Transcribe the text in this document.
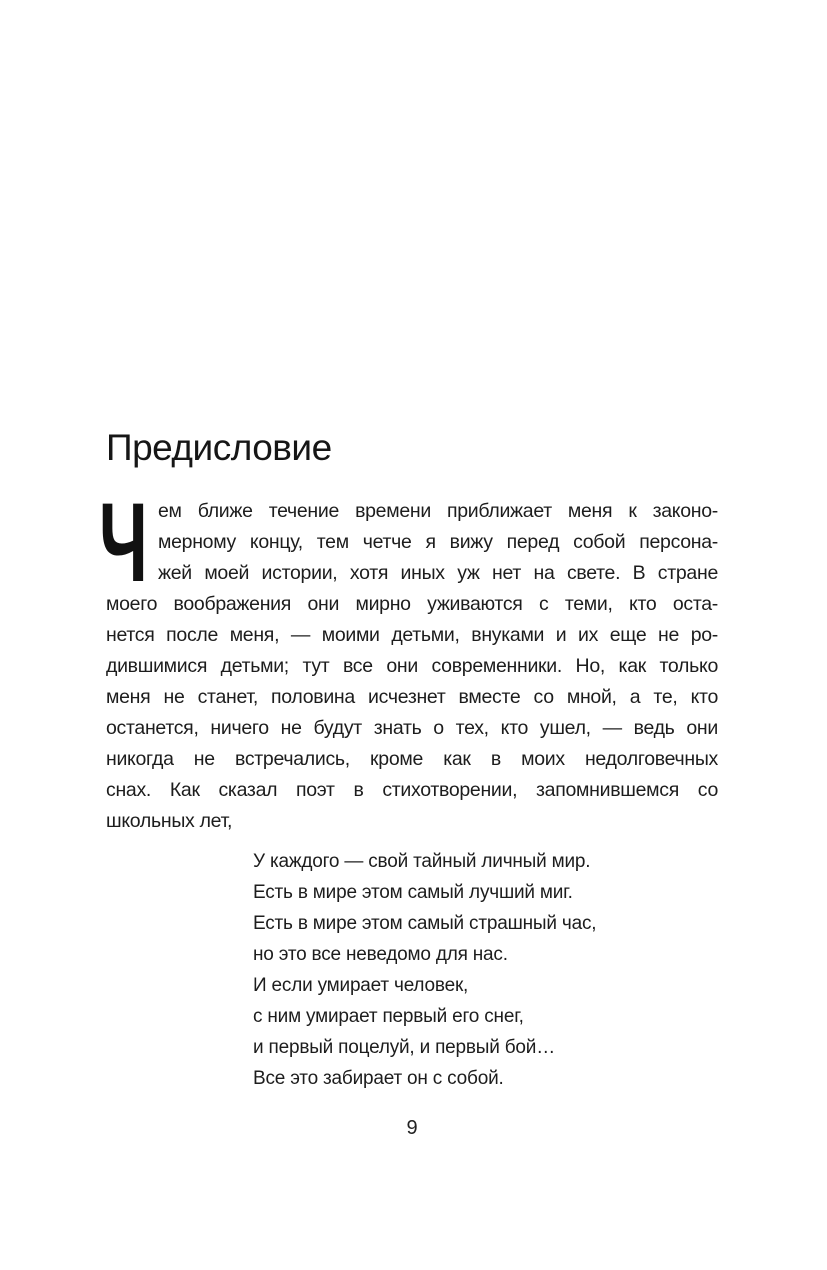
Предисловие
Ч ем ближе течение времени приближает меня к законо-
мерному концу, тем четче я вижу перед собой персона-
жей моей истории, хотя иных уж нет на свете. В стране
моего воображения они мирно уживаются с теми, кто оста-
нется после меня, — моими детьми, внуками и их еще не ро-
дившимися детьми; тут все они современники. Но, как только
меня не станет, половина исчезнет вместе со мной, а те, кто
останется, ничего не будут знать о тех, кто ушел, — ведь они
никогда не встречались, кроме как в моих недолговечных
снах. Как сказал поэт в стихотворении, запомнившемся со
школьных лет,
У каждого — свой тайный личный мир.
Есть в мире этом самый лучший миг.
Есть в мире этом самый страшный час,
но это все неведомо для нас.
И если умирает человек,
с ним умирает первый его снег,
и первый поцелуй, и первый бой…
Все это забирает он с собой.
9
